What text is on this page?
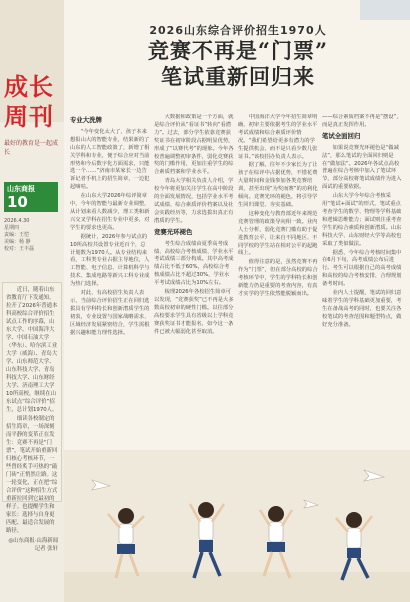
成长周刊
最好的教育是一起成长
山东商报
10
2026.4.30
星期四
责编：王恺
美编：杨 静
校对：王丰磊

近日，随着山东省教育厅下发通知，拉开了2026年普通本科高校综合评价招生试点工作的序幕，山东大学、中国海洋大学、中国石油大学（华东）、哈尔滨工业大学（威海）、青岛大学、山东师范大学、山东科技大学、青岛科技大学、山东财经大学、济南理工大学10所高校，继续在山东试点“综合评价”招生，总计划1970人。

细读各校制定的招生简章，一场深刻而平静的变革正在发生：竞赛不再是“门票”，笔试开始重新回归核心考核环节，一些曾经炙手可热的“敲门砖”正悄然让路。这一轮变化，正在把“综合评价”这种招生方式重新拉回到它最初的样子。也提醒学生和家长：选择与自身更匹配、最适合发展的路径。

◎山东商报·山海新闻
记者 张轩
2026山东综合评价招生1970人
竞赛不再是“门票”
笔试重新回归来
专业大洗牌

“今年变化太大了，孩子本来想报山大的智能专业，结果新的了山东的人工智能政策了，新增了相关学科和专业，便于综合应对当前形势和今后数字化方面需求，只能选一个……”济南市某家长一边告诉记者手机上的招生简章，一边犯起嘀咕。

在山东大学2026年综评简章中，今年的智能与最新专业调整，从计划来看人数减少，理工类和新兴交叉学科在招生专业中更多，对学生的要求也更高。

据统计，2026年参与试点的10所高校共设置专业近百个，总计划数为1970人。从专业结构来看，工科类专业占据主导地位，人工智能、电子信息、计算机科学与技术、集成电路等新兴工科专业成为热门选择。

对此，有高校招生负责人表示，当前综合评价招生正在回归选拔具有学科特长和创新潜质学生的初衷，专业设置与国家战略需求、区域经济发展紧密结合，学生需根据兴趣和能力理性选择。

大数据和政策是一个方面，就是综合评价从“看证书”转向“看潜力”。过去，部分学生依靠竞赛获奖证书在初审阶段占据明显优势，形成了“以赛代考”的现象。今年各校普遍调整初审条件，弱化竞赛获奖的门槛作用，更加注重学生的综合素质档案和学业水平。

青岛大学相关负责人介绍，学校今年将更加关注学生在高中阶段的全面发展情况，包括学业水平考试成绩、综合素质评价档案以及社会实践经历等，力求选拔出真正有潜质的学生。

竞赛光环褪色

考生综合成绩由夏季高考成绩、高校综合考核成绩、学业水平考试成绩三部分构成。其中高考成绩占比不低于60%，高校综合考核成绩占比不超过30%，学业水平考试成绩占比为10%左右。

梳理2026年各校招生简章可以发现，“竞赛获奖”已不再是大多数高校初审的硬性门槛。以往部分高校要求学生具有省级以上学科竞赛获奖证书才能报名，如今这一条件已被大幅弱化甚至取消。

中国海洋大学今年招生简章明确，初审主要依据考生的学业水平考试成绩和综合素质评价情况。“我们希望给更多有潜力的学生提供机会，而不是只看少数几张证书。”该校招办负责人表示。

据了解，往年不少家长为了让孩子在综评中占据优势，不惜花费大量时间和金钱参加各类竞赛培训，甚至出现“为奖而赛”的功利化倾向。竞赛光环的褪色，将引导学生回归课堂、夯实基础。

这种变化与教育部近年来规范竞赛管理的政策导向相一致。业内人士分析，弱化竞赛门槛有助于促进教育公平，让来自不同地区、不同学校的学生站在相对公平的起跑线上。

值得注意的是，虽然竞赛不再作为“门票”，但在部分高校的综合考核环节中，学生的学科特长和创新能力仍是重要的考查内容，有真才实学的学生依然能脱颖而出。

——综合素质档案不再是“摆设”，而是真正发挥作用。
笔试全面回归

如果说竞赛光环褪色是“做减法”，那么笔试的全面回归则是在“做加法”。2026年各试点高校普遍在综合考核中加入了笔试环节，部分高校将笔试成绩作为进入面试的重要依据。

山东大学今年综合考核采用“笔试+面试”的形式，笔试重点考查学生的数学、物理等学科基础和逻辑思维能力；面试则注重考查学生的综合素质和创新潜质。山东科技大学、山东财经大学等高校也采取了类似做法。

据悉，今年综合考核时间集中在6月下旬，高考成绩公布后进行。考生可以根据自己的高考成绩和高校的综合考核安排，合理规划备考时间。

业内人士提醒，笔试的回归意味着学生的学科基础更加重要，考生在备战高考的同时，也要关注各校笔试的考查范围和题型特点，做好充分准备。
